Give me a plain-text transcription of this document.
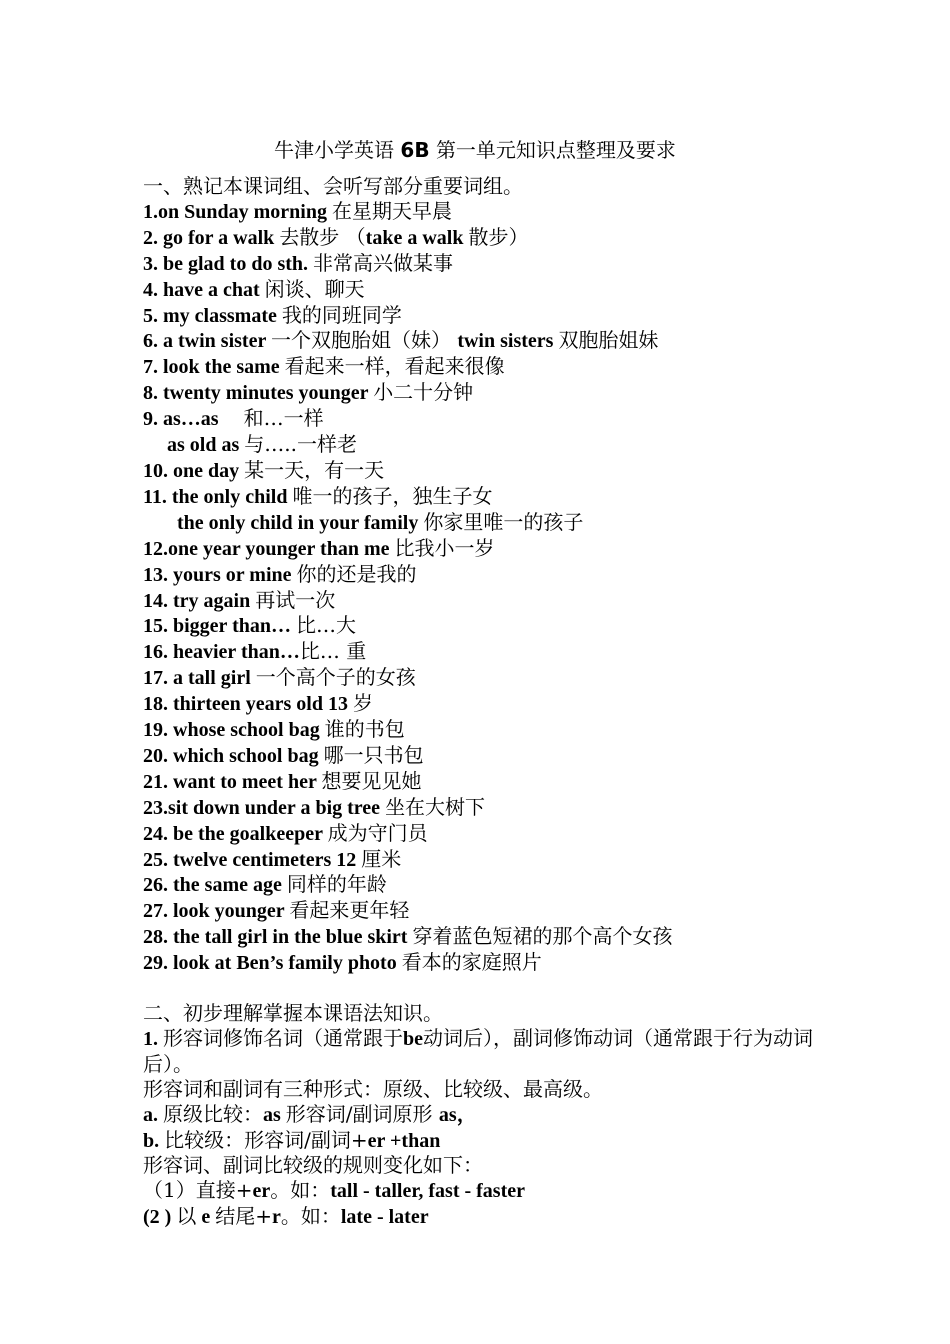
牛津小学英语 6B 第一单元知识点整理及要求
一、熟记本课词组、会听写部分重要词组。
1.on Sunday morning 在星期天早晨
2. go for a walk 去散步 （take a walk 散步）
3. be glad to do sth. 非常高兴做某事
4. have a chat 闲谈、聊天
5. my classmate 我的同班同学
6. a twin sister 一个双胞胎姐（妹） twin sisters 双胞胎姐妹
7. look the same 看起来一样，看起来很像
8. twenty minutes younger 小二十分钟
9. as…as 　和…一样
as old as 与…..一样老
10. one day 某一天，有一天
11. the only child 唯一的孩子，独生子女
the only child in your family 你家里唯一的孩子
12.one year younger than me 比我小一岁
13. yours or mine 你的还是我的
14. try again 再试一次
15. bigger than… 比…大
16. heavier than…比… 重
17. a tall girl 一个高个子的女孩
18. thirteen years old 13 岁
19. whose school bag 谁的书包
20. which school bag 哪一只书包
21. want to meet her 想要见见她
23.sit down under a big tree 坐在大树下
24. be the goalkeeper 成为守门员
25. twelve centimeters 12 厘米
26. the same age 同样的年龄
27. look younger 看起来更年轻
28. the tall girl in the blue skirt 穿着蓝色短裙的那个高个女孩
29. look at Ben’s family photo 看本的家庭照片
二、初步理解掌握本课语法知识。
1. 形容词修饰名词（通常跟于be动词后），副词修饰动词（通常跟于行为动词后）。
形容词和副词有三种形式：原级、比较级、最高级。
a. 原级比较：as 形容词/副词原形 as，
b. 比较级：形容词/副词+er +than
形容词、副词比较级的规则变化如下：
（1）直接+er。如：tall - taller, fast - faster
(2 ) 以 e 结尾+r。如：late - later
